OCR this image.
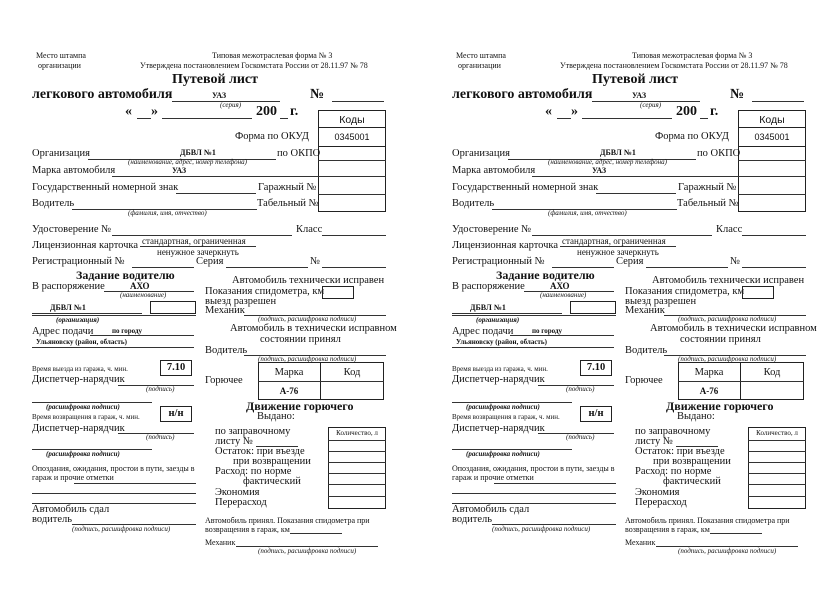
Место штампа
организации
Типовая межотраслевая форма № 3
Утверждена постановлением Госкомстата России от 28.11.97 № 78
Путевой лист
легкового автомобиля	УАЗ
(серия)
№
« »	200 г.
Коды
0345001
Форма по ОКУД
Организация	ДБВЛ №1
(наименование, адрес, номер телефона)
по ОКПО
Марка автомобиля	УАЗ
Государственный номерной знак	Гаражный №
Водитель	Табельный №
(фамилия, имя, отчество)
Удостоверение №	Класс
Лицензионная карточка стандартная, ограниченная
ненужное зачеркнуть
Регистрационный №	Серия	№
Задание водителю
В распоряжение	АХО
(наименование)
ДБВЛ №1
(организация)
Адрес подачи	по городу
Ульяновску (район, область)
Время выезда из гаража, ч. мин.	7.10
Диспетчер-нарядчик
(подпись)
(расшифровка подписи)
Время возвращения в гараж, ч. мин.	н/н
Диспетчер-нарядчик
(подпись)
(расшифровка подписи)
Опоздания, ожидания, простои в пути, заезды в гараж и прочие отметки
Автомобиль сдал
водитель
(подпись, расшифровка подписи)
Автомобиль технически исправен
Показания спидометра, км
выезд разрешен
Механик
(подпись, расшифровка подписи)
Автомобиль в технически исправном
состоянии принял
Водитель
(подпись, расшифровка подписи)
Горючее
Марка	Код
А-76
Движение горючего
Выдано:
Количество, л
по заправочному
листу №
Остаток: при въезде
при возвращении
Расход: по норме
фактический
Экономия
Перерасход
Автомобиль принял. Показания спидометра при
возвращения в гараж, км
Механик
(подпись, расшифровка подписи)
Место штампа
организации
Типовая межотраслевая форма № 3
Утверждена постановлением Госкомстата России от 28.11.97 № 78
Путевой лист
легкового автомобиля	УАЗ
(серия)
№
« »	200 г.
Коды
0345001
Форма по ОКУД
Организация	ДБВЛ №1
(наименование, адрес, номер телефона)
по ОКПО
Марка автомобиля	УАЗ
Государственный номерной знак	Гаражный №
Водитель	Табельный №
(фамилия, имя, отчество)
Удостоверение №	Класс
Лицензионная карточка стандартная, ограниченная
ненужное зачеркнуть
Регистрационный №	Серия	№
Задание водителю
В распоряжение	АХО
(наименование)
ДБВЛ №1
(организация)
Адрес подачи	по городу
Ульяновску (район, область)
Время выезда из гаража, ч. мин.	7.10
Диспетчер-нарядчик
(подпись)
(расшифровка подписи)
Время возвращения в гараж, ч. мин.	н/н
Диспетчер-нарядчик
(подпись)
(расшифровка подписи)
Опоздания, ожидания, простои в пути, заезды в гараж и прочие отметки
Автомобиль сдал
водитель
(подпись, расшифровка подписи)
Автомобиль технически исправен
Показания спидометра, км
выезд разрешен
Механик
(подпись, расшифровка подписи)
Автомобиль в технически исправном
состоянии принял
Водитель
(подпись, расшифровка подписи)
Горючее
Марка	Код
А-76
Движение горючего
Выдано:
Количество, л
по заправочному
листу №
Остаток: при въезде
при возвращении
Расход: по норме
фактический
Экономия
Перерасход
Автомобиль принял. Показания спидометра при
возвращения в гараж, км
Механик
(подпись, расшифровка подписи)
